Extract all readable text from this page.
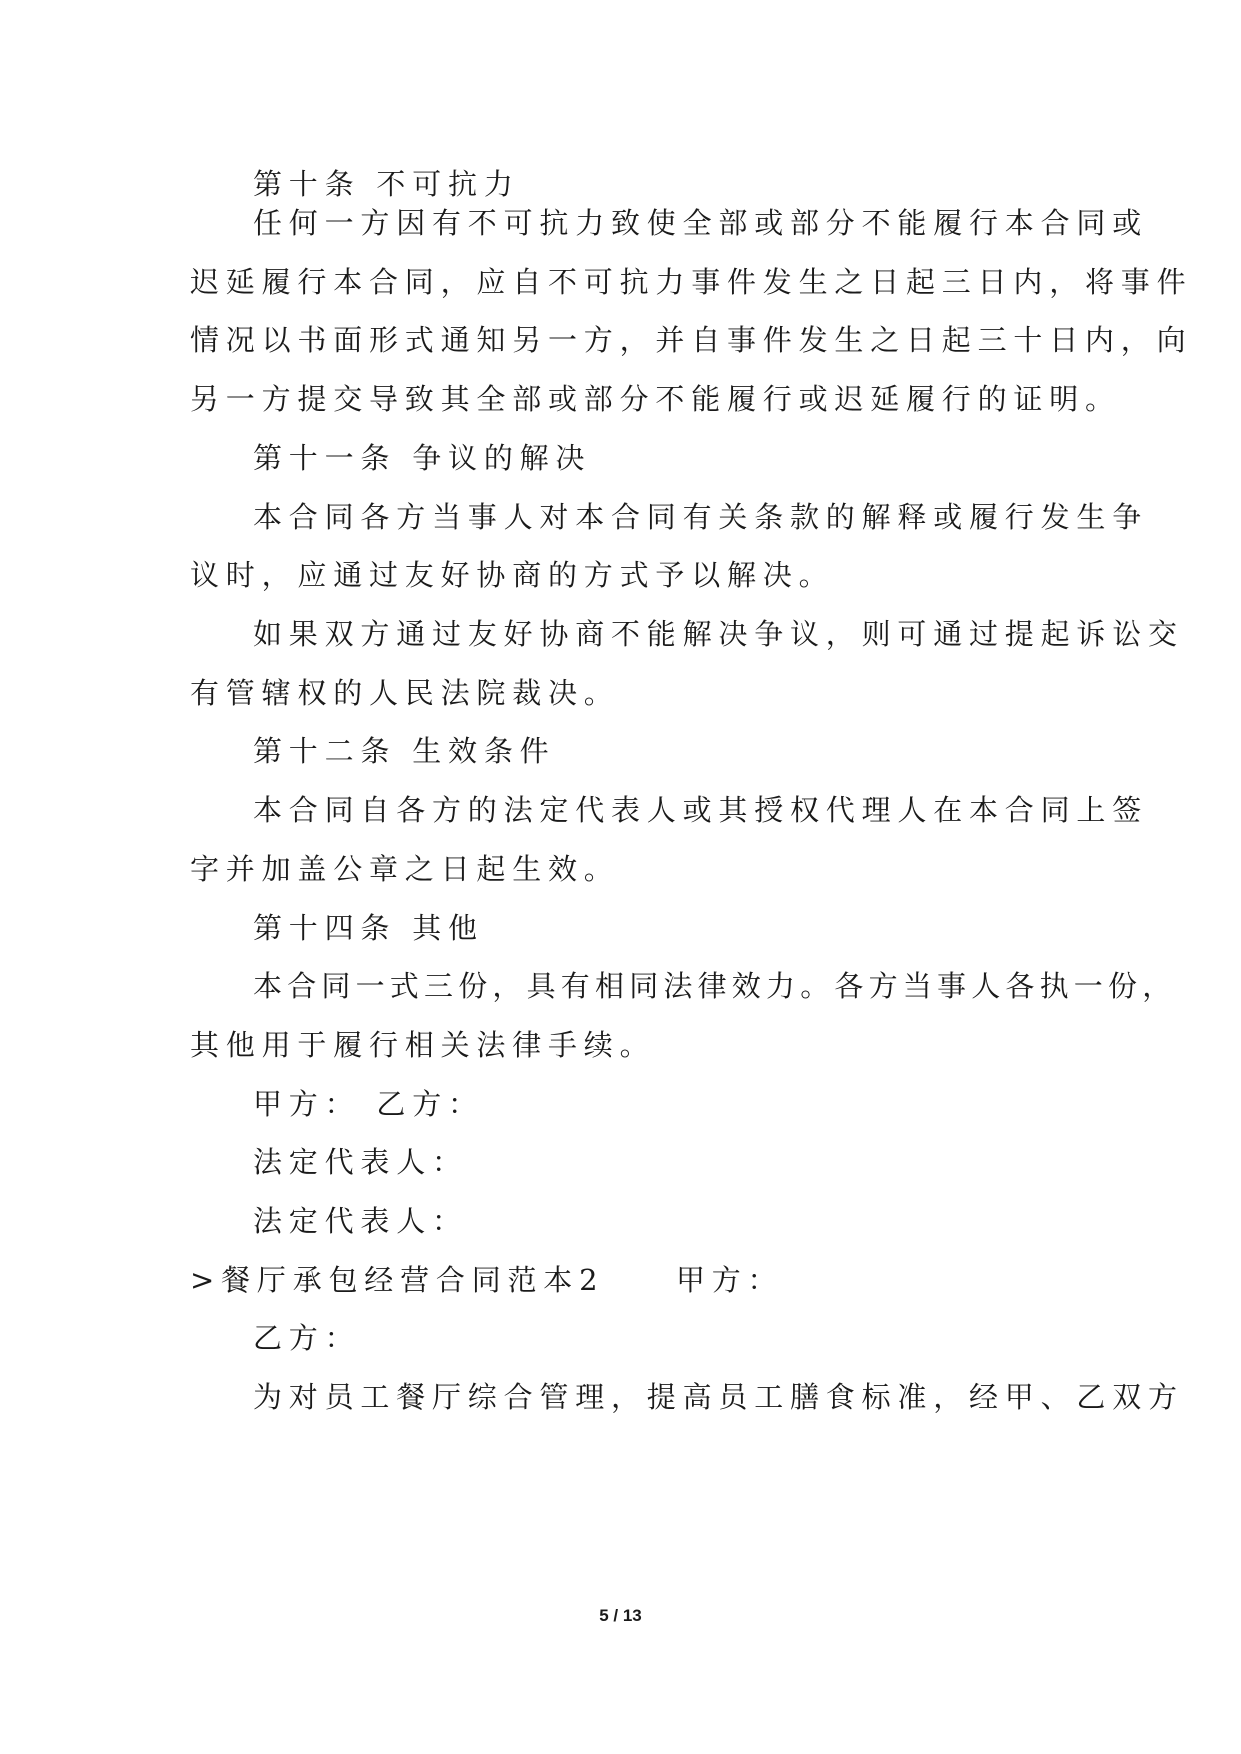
第十条 不可抗力
任何一方因有不可抗力致使全部或部分不能履行本合同或
迟延履行本合同，应自不可抗力事件发生之日起三日内，将事件
情况以书面形式通知另一方，并自事件发生之日起三十日内，向
另一方提交导致其全部或部分不能履行或迟延履行的证明。
第十一条 争议的解决
本合同各方当事人对本合同有关条款的解释或履行发生争
议时，应通过友好协商的方式予以解决。
如果双方通过友好协商不能解决争议，则可通过提起诉讼交
有管辖权的人民法院裁决。
第十二条 生效条件
本合同自各方的法定代表人或其授权代理人在本合同上签
字并加盖公章之日起生效。
第十四条 其他
本合同一式三份，具有相同法律效力。各方当事人各执一份，
其他用于履行相关法律手续。
甲方： 乙方：
法定代表人：
法定代表人：
>餐厅承包经营合同范本2　　甲方：
乙方：
为对员工餐厅综合管理，提高员工膳食标准，经甲、乙双方
5 / 13
